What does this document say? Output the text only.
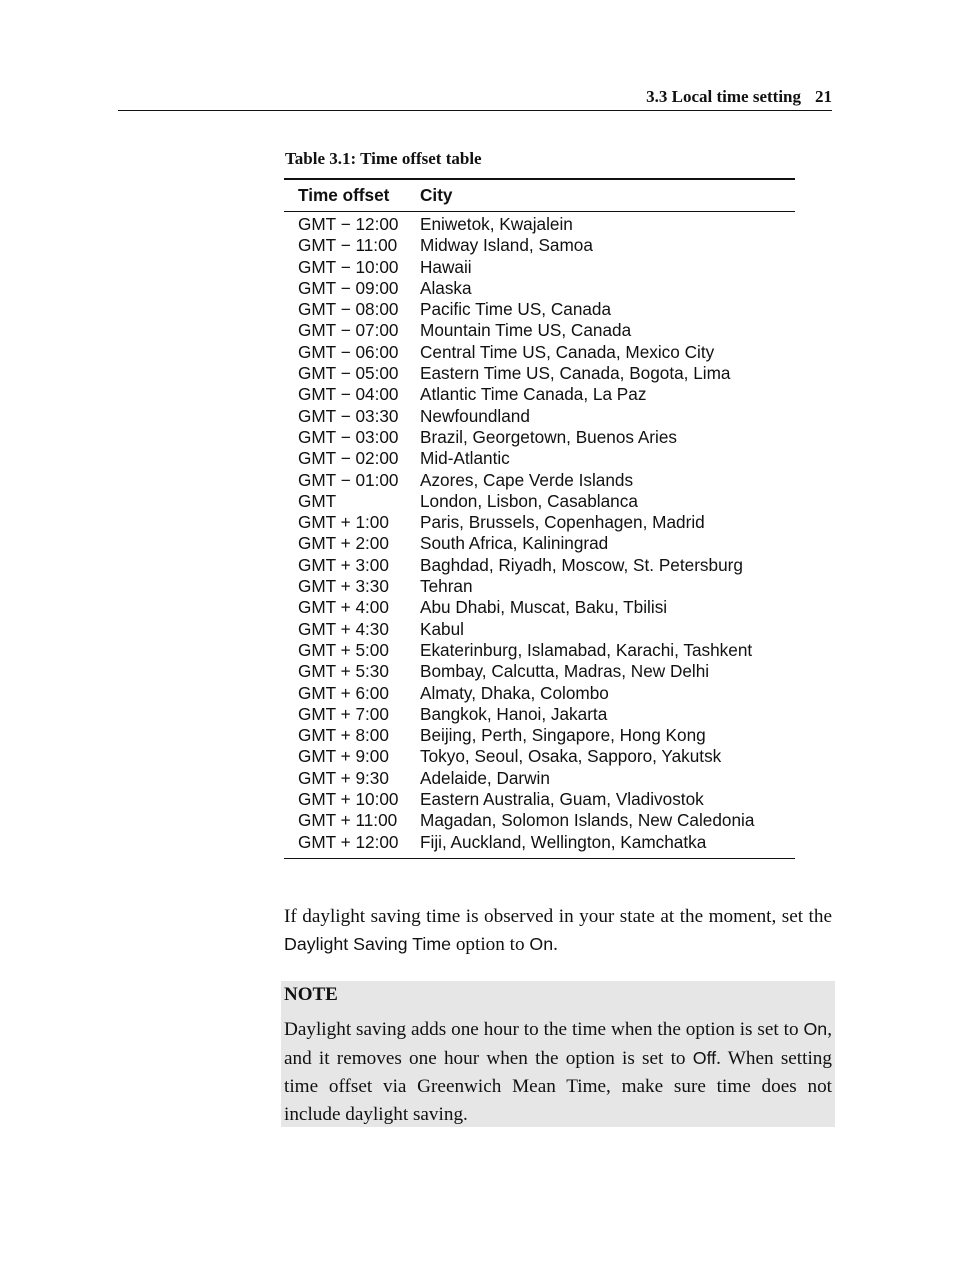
3.3 Local time setting 21
Table 3.1: Time offset table
Time offset	City
GMT − 12:00	Eniwetok, Kwajalein
GMT − 11:00	Midway Island, Samoa
GMT − 10:00	Hawaii
GMT − 09:00	Alaska
GMT − 08:00	Pacific Time US, Canada
GMT − 07:00	Mountain Time US, Canada
GMT − 06:00	Central Time US, Canada, Mexico City
GMT − 05:00	Eastern Time US, Canada, Bogota, Lima
GMT − 04:00	Atlantic Time Canada, La Paz
GMT − 03:30	Newfoundland
GMT − 03:00	Brazil, Georgetown, Buenos Aries
GMT − 02:00	Mid-Atlantic
GMT − 01:00	Azores, Cape Verde Islands
GMT	London, Lisbon, Casablanca
GMT + 1:00	Paris, Brussels, Copenhagen, Madrid
GMT + 2:00	South Africa, Kaliningrad
GMT + 3:00	Baghdad, Riyadh, Moscow, St. Petersburg
GMT + 3:30	Tehran
GMT + 4:00	Abu Dhabi, Muscat, Baku, Tbilisi
GMT + 4:30	Kabul
GMT + 5:00	Ekaterinburg, Islamabad, Karachi, Tashkent
GMT + 5:30	Bombay, Calcutta, Madras, New Delhi
GMT + 6:00	Almaty, Dhaka, Colombo
GMT + 7:00	Bangkok, Hanoi, Jakarta
GMT + 8:00	Beijing, Perth, Singapore, Hong Kong
GMT + 9:00	Tokyo, Seoul, Osaka, Sapporo, Yakutsk
GMT + 9:30	Adelaide, Darwin
GMT + 10:00	Eastern Australia, Guam, Vladivostok
GMT + 11:00	Magadan, Solomon Islands, New Caledonia
GMT + 12:00	Fiji, Auckland, Wellington, Kamchatka
If daylight saving time is observed in your state at the moment, set the Daylight Saving Time option to On.
NOTE
Daylight saving adds one hour to the time when the option is set to On, and it removes one hour when the option is set to Off. When setting time offset via Greenwich Mean Time, make sure time does not include daylight saving.
